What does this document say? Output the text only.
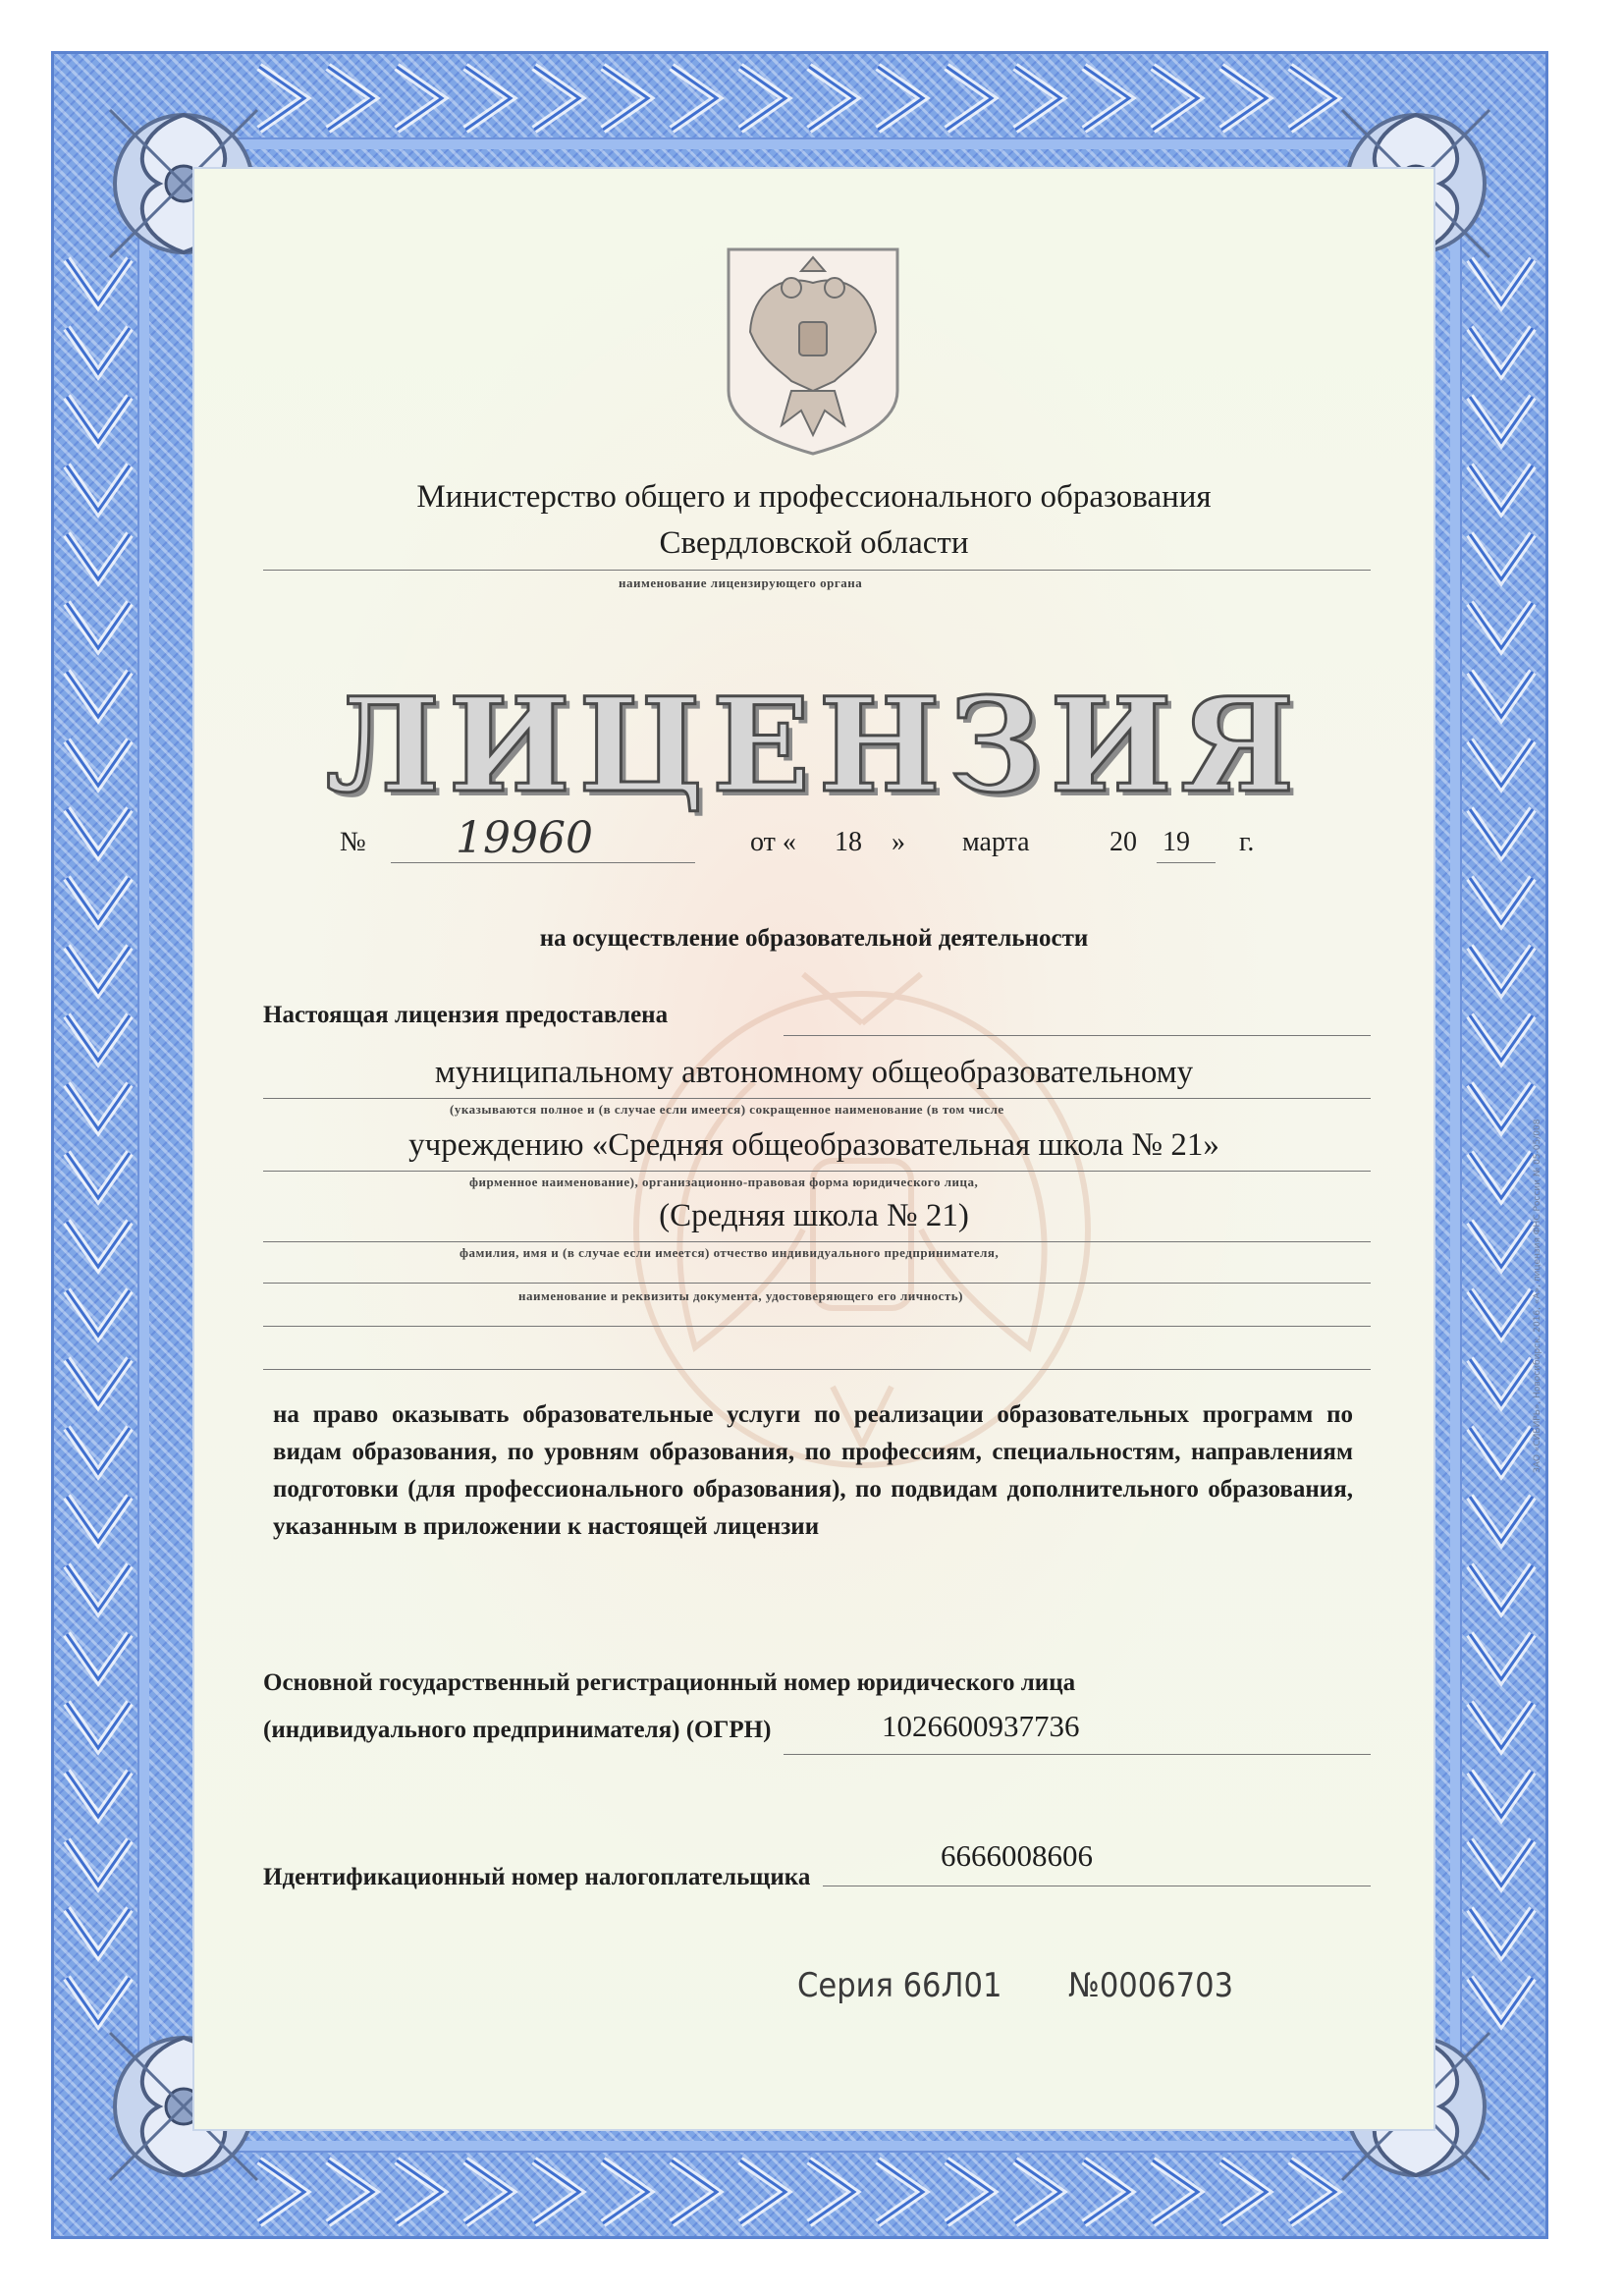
ЗАО «СИБИРЬ», Новосибирск, 2016, «А», лицензия ФНС России № 05-05/008
Министерство общего и профессионального образования
Свердловской области
наименование лицензирующего органа
ЛИЦЕНЗИЯ
№ 19960	от « 18 » марта	20 19 г.
на осуществление образовательной деятельности
Настоящая лицензия предоставлена
муниципальному автономному общеобразовательному
(указываются полное и (в случае если имеется) сокращенное наименование (в том числе
учреждению «Средняя общеобразовательная школа № 21»
фирменное наименование), организационно-правовая форма юридического лица,
(Средняя школа № 21)
фамилия, имя и (в случае если имеется) отчество индивидуального предпринимателя,
наименование и реквизиты документа, удостоверяющего его личность)
на право оказывать образовательные услуги по реализации образовательных программ по видам образования, по уровням образования, по профессиям, специальностям, направлениям подготовки (для профессионального образования), по подвидам дополнительного образования, указанным в приложении к настоящей лицензии
Основной государственный регистрационный номер юридического лица
(индивидуального предпринимателя) (ОГРН)	1026600937736
Идентификационный номер налогоплательщика
6666008606
Серия 66Л01 №0006703
